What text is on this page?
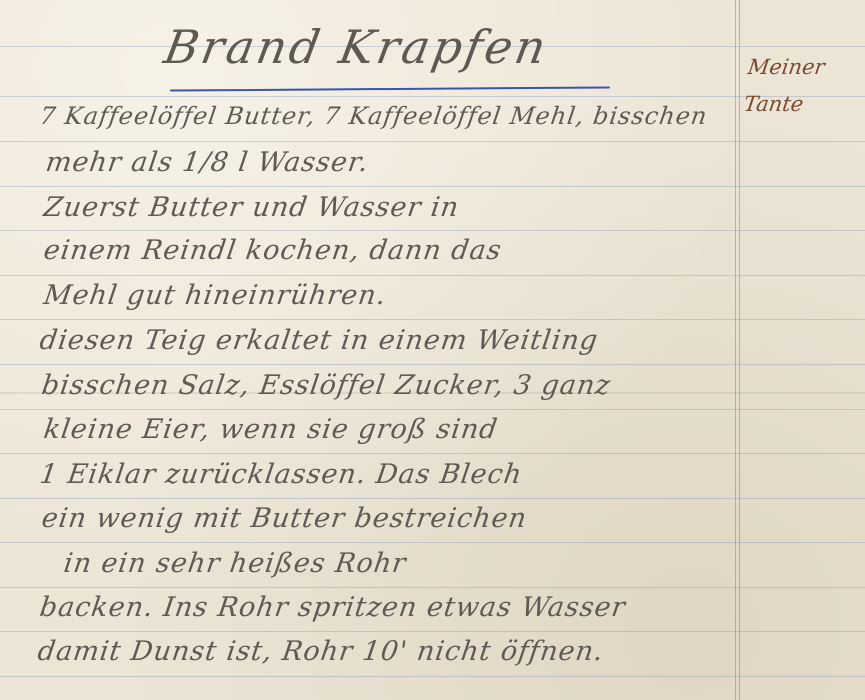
Brand Krapfen	Meiner
Tante
7 Kaffeelöffel Butter, 7 Kaffeelöffel Mehl, bisschen
mehr als 1/8 l Wasser.
Zuerst Butter und Wasser in
einem Reindl kochen, dann das
Mehl gut hineinrühren.
diesen Teig erkaltet in einem Weitling
bisschen Salz, Esslöffel Zucker, 3 ganz
kleine Eier, wenn sie groß sind
1 Eiklar zurücklassen. Das Blech
ein wenig mit Butter bestreichen
in ein sehr heißes Rohr
backen. Ins Rohr spritzen etwas Wasser
damit Dunst ist, Rohr 10' nicht öffnen.
